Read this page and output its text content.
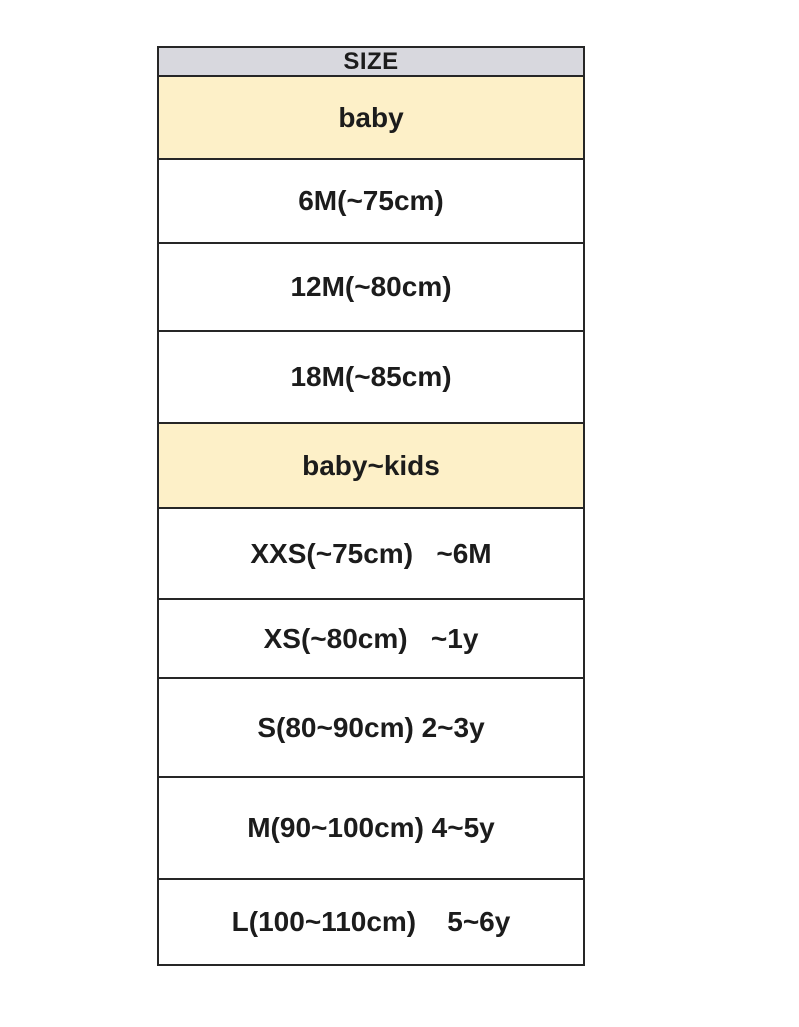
SIZE
baby
6M(~75cm)
12M(~80cm)
18M(~85cm)
baby~kids
XXS(~75cm)   ~6M
XS(~80cm)   ~1y
S(80~90cm) 2~3y
M(90~100cm) 4~5y
L(100~110cm)    5~6y
